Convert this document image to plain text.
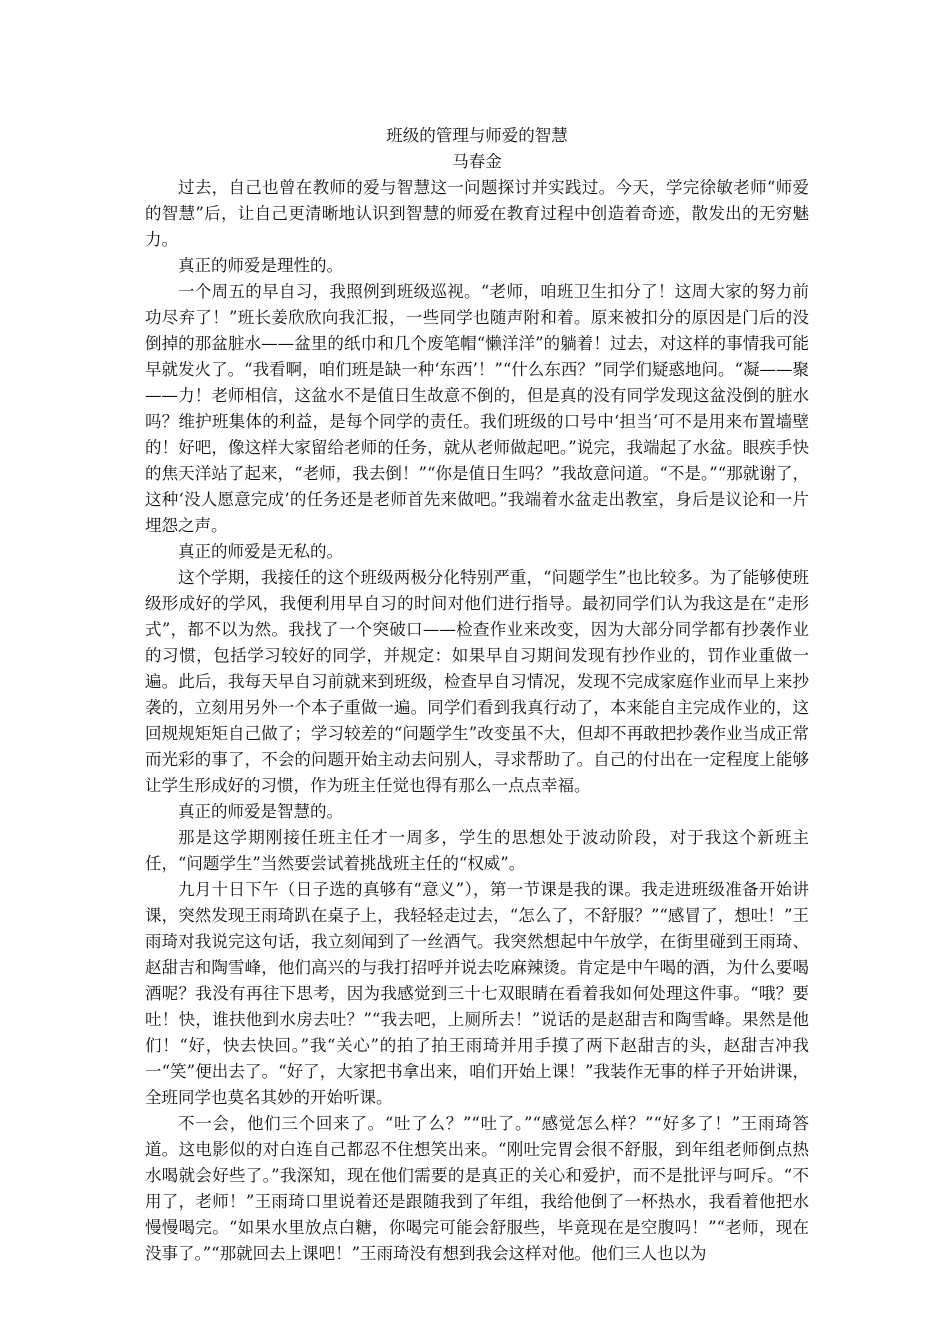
班级的管理与师爱的智慧
马春金

过去，自己也曾在教师的爱与智慧这一问题探讨并实践过。今天，学完徐敏老师“师爱的智慧”后，让自己更清晰地认识到智慧的师爱在教育过程中创造着奇迹，散发出的无穷魅力。

真正的师爱是理性的。

一个周五的早自习，我照例到班级巡视。“老师，咱班卫生扣分了！这周大家的努力前功尽弃了！”班长姜欣欣向我汇报，一些同学也随声附和着。原来被扣分的原因是门后的没倒掉的那盆脏水——盆里的纸巾和几个废笔帽“懒洋洋”的躺着！过去，对这样的事情我可能早就发火了。“我看啊，咱们班是缺一种‘东西’！”“什么东西？”同学们疑惑地问。“凝——聚——力！老师相信，这盆水不是值日生故意不倒的，但是真的没有同学发现这盆没倒的脏水吗？维护班集体的利益，是每个同学的责任。我们班级的口号中‘担当’可不是用来布置墙壁的！好吧，像这样大家留给老师的任务，就从老师做起吧。”说完，我端起了水盆。眼疾手快的焦天洋站了起来，“老师，我去倒！”“你是值日生吗？”我故意问道。“不是。”“那就谢了，这种‘没人愿意完成’的任务还是老师首先来做吧。”我端着水盆走出教室，身后是议论和一片埋怨之声。

真正的师爱是无私的。

这个学期，我接任的这个班级两极分化特别严重，“问题学生”也比较多。为了能够使班级形成好的学风，我便利用早自习的时间对他们进行指导。最初同学们认为我这是在“走形式”，都不以为然。我找了一个突破口——检查作业来改变，因为大部分同学都有抄袭作业的习惯，包括学习较好的同学，并规定：如果早自习期间发现有抄作业的，罚作业重做一遍。此后，我每天早自习前就来到班级，检查早自习情况，发现不完成家庭作业而早上来抄袭的，立刻用另外一个本子重做一遍。同学们看到我真行动了，本来能自主完成作业的，这回规规矩矩自己做了；学习较差的“问题学生”改变虽不大，但却不再敢把抄袭作业当成正常而光彩的事了，不会的问题开始主动去问别人，寻求帮助了。自己的付出在一定程度上能够让学生形成好的习惯，作为班主任觉也得有那么一点点幸福。

真正的师爱是智慧的。

那是这学期刚接任班主任才一周多，学生的思想处于波动阶段，对于我这个新班主任，“问题学生”当然要尝试着挑战班主任的“权威”。

九月十日下午（日子选的真够有“意义”），第一节课是我的课。我走进班级准备开始讲课，突然发现王雨琦趴在桌子上，我轻轻走过去，“怎么了，不舒服？”“感冒了，想吐！”王雨琦对我说完这句话，我立刻闻到了一丝酒气。我突然想起中午放学，在街里碰到王雨琦、赵甜吉和陶雪峰，他们高兴的与我打招呼并说去吃麻辣烫。肯定是中午喝的酒，为什么要喝酒呢？我没有再往下思考，因为我感觉到三十七双眼睛在看着我如何处理这件事。“哦？要吐！快，谁扶他到水房去吐？”“我去吧，上厕所去！”说话的是赵甜吉和陶雪峰。果然是他们！“好，快去快回。”我“关心”的拍了拍王雨琦并用手摸了两下赵甜吉的头，赵甜吉冲我一“笑”便出去了。“好了，大家把书拿出来，咱们开始上课！”我装作无事的样子开始讲课，全班同学也莫名其妙的开始听课。

不一会，他们三个回来了。“吐了么？”“吐了。”“感觉怎么样？”“好多了！”王雨琦答道。这电影似的对白连自己都忍不住想笑出来。“刚吐完胃会很不舒服，到年组老师倒点热水喝就会好些了。”我深知，现在他们需要的是真正的关心和爱护，而不是批评与呵斥。“不用了，老师！”王雨琦口里说着还是跟随我到了年组，我给他倒了一杯热水，我看着他把水慢慢喝完。“如果水里放点白糖，你喝完可能会舒服些，毕竟现在是空腹吗！”“老师，现在没事了。”“那就回去上课吧！”王雨琦没有想到我会这样对他。他们三人也以为
